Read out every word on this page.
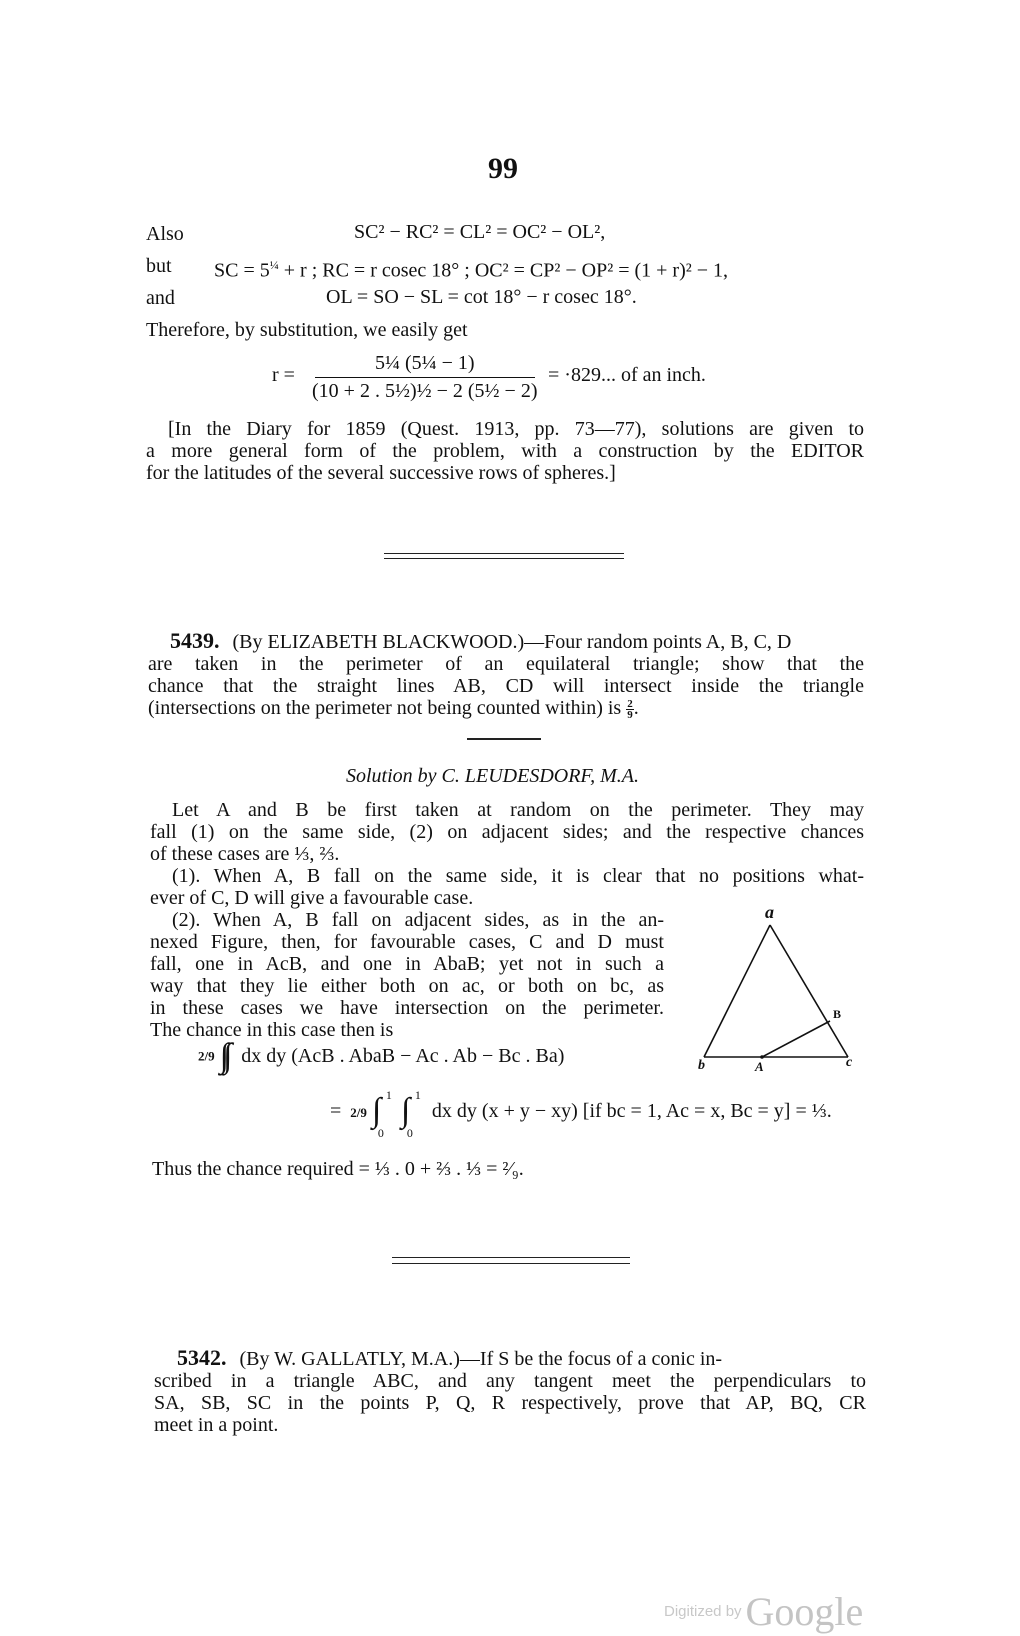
99
Also	SC² − RC² = CL² = OC² − OL²,
but SC = $5^{\frac{1}{4}} + r$ ; RC = r cosec 18° ; OC² = CP² − OP² = (1 + r)² − 1,
and	OL = SO − SL = cot 18° − r cosec 18°.
Therefore, by substitution, we easily get
$r = \frac{\text{5¼ (5¼ − 1)}}{\text{(10 + 2 . 5½)½ − 2 (5½ − 2)}} = \cdot 829$... of an inch.
[In the Diary for 1859 (Quest. 1913, pp. 73—77), solutions are given to
a more general form of the problem, with a construction by the EDITOR
for the latitudes of the several successive rows of spheres.]
5439. (By ELIZABETH BLACKWOOD.)—Four random points A, B, C, D
are taken in the perimeter of an equilateral triangle; show that the
chance that the straight lines AB, CD will intersect inside the triangle
(intersections on the perimeter not being counted within) is $\frac{2}{9}$ .
Solution by C. LEUDESDORF, M.A.
Let A and B be first taken at random on the perimeter. They may
fall (1) on the same side, (2) on adjacent sides; and the respective chances
of these cases are ⅓, ⅔.
(1). When A, B fall on the same side, it is clear that no positions what-
ever of C, D will give a favourable case.
(2). When A, B fall on adjacent sides, as in the an-
nexed Figure, then, for favourable cases, C and D must
fall, one in AcB, and one in AbaB; yet not in such a
way that they lie either both on ac, or both on bc, as
in these cases we have intersection on the perimeter.
The chance in this case then is
a
B
b	A	c
2/9 ∫∫ dx dy (AcB . AbaB − Ac . Ab − Bc . Ba)
= 2/9 ∫ 1
0
∫ 1
0
dx dy (x + y − xy) [if bc = 1, Ac = x, Bc = y] = ⅓.
Thus the chance required = ⅓ . 0 + ⅔ . ⅓ = ²⁄₉.
5342. (By W. GALLATLY, M.A.)—If S be the focus of a conic in-
scribed in a triangle ABC, and any tangent meet the perpendiculars to
SA, SB, SC in the points P, Q, R respectively, prove that AP, BQ, CR
meet in a point.
Digitized by Google
